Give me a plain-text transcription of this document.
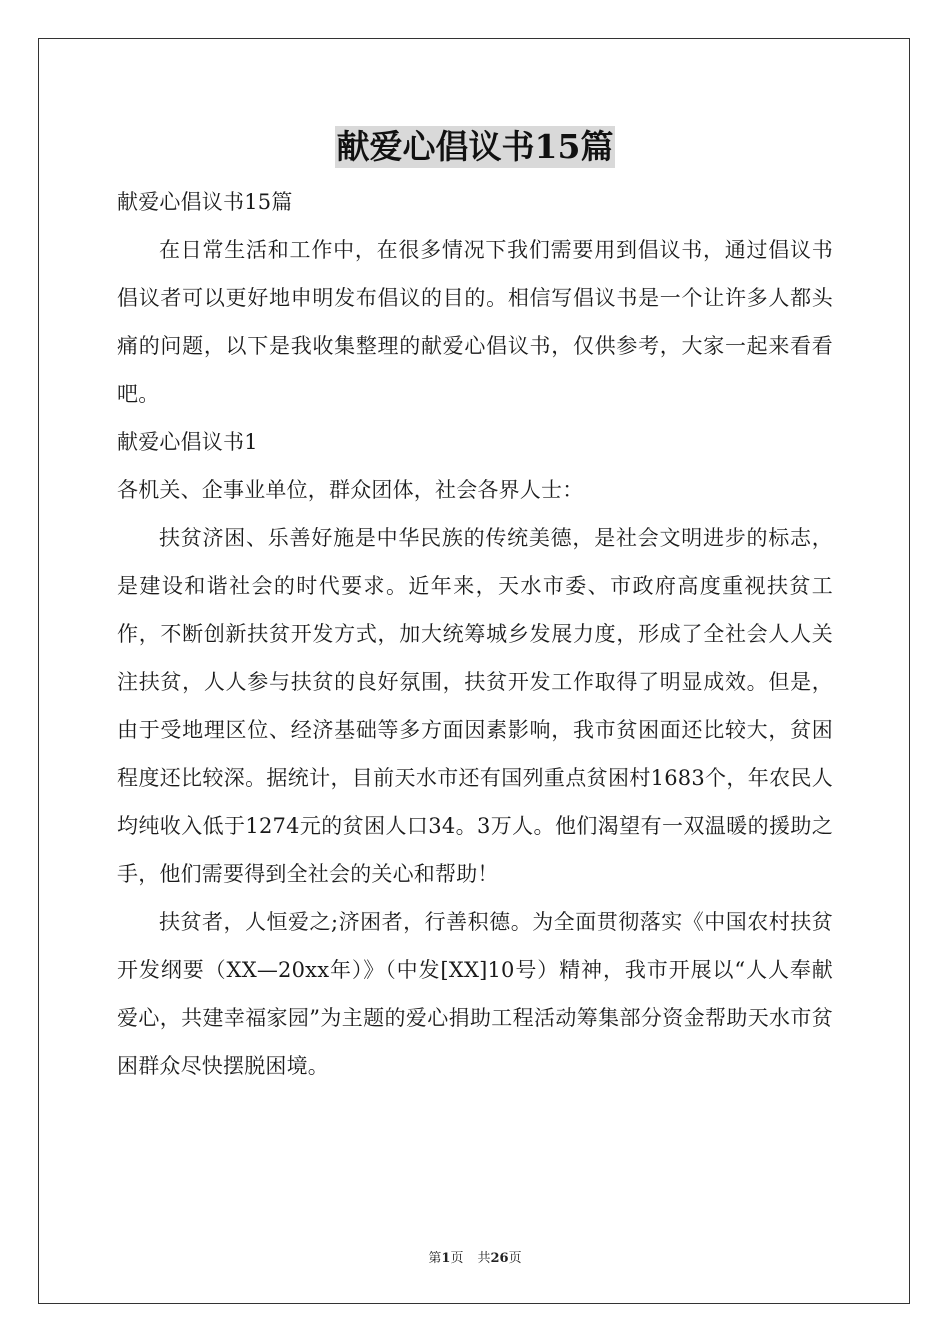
献爱心倡议书15篇

献爱心倡议书15篇

在日常生活和工作中，在很多情况下我们需要用到倡议书，通过倡议书倡议者可以更好地申明发布倡议的目的。相信写倡议书是一个让许多人都头痛的问题，以下是我收集整理的献爱心倡议书，仅供参考，大家一起来看看吧。

献爱心倡议书1

各机关、企事业单位，群众团体，社会各界人士：

扶贫济困、乐善好施是中华民族的传统美德，是社会文明进步的标志，是建设和谐社会的时代要求。近年来，天水市委、市政府高度重视扶贫工作，不断创新扶贫开发方式，加大统筹城乡发展力度，形成了全社会人人关注扶贫，人人参与扶贫的良好氛围，扶贫开发工作取得了明显成效。但是，由于受地理区位、经济基础等多方面因素影响，我市贫困面还比较大，贫困程度还比较深。据统计，目前天水市还有国列重点贫困村1683个，年农民人均纯收入低于1274元的贫困人口34。3万人。他们渴望有一双温暖的援助之手，他们需要得到全社会的关心和帮助！

扶贫者，人恒爱之;济困者，行善积德。为全面贯彻落实《中国农村扶贫开发纲要（XX—20xx年）》（中发[XX]10号）精神，我市开展以“人人奉献爱心，共建幸福家园”为主题的爱心捐助工程活动筹集部分资金帮助天水市贫困群众尽快摆脱困境。

第1页 共26页
